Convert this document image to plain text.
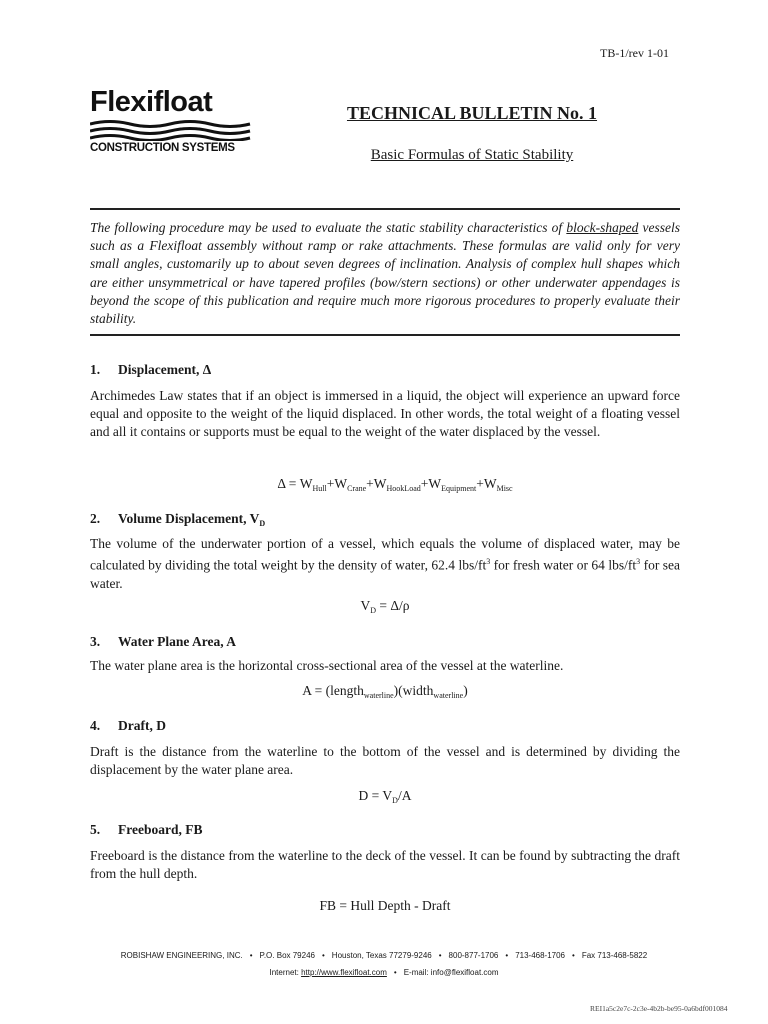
TB-1/rev 1-01
Flexifloat
CONSTRUCTION SYSTEMS
TECHNICAL BULLETIN No. 1
Basic Formulas of Static Stability
The following procedure may be used to evaluate the static stability characteristics of block-shaped vessels such as a Flexifloat assembly without ramp or rake attachments. These formulas are valid only for very small angles, customarily up to about seven degrees of inclination. Analysis of complex hull shapes which are either unsymmetrical or have tapered profiles (bow/stern sections) or other underwater appendages is beyond the scope of this publication and require much more rigorous procedures to properly evaluate their stability.
1. Displacement, Δ
Archimedes Law states that if an object is immersed in a liquid, the object will experience an upward force equal and opposite to the weight of the liquid displaced. In other words, the total weight of a floating vessel and all it contains or supports must be equal to the weight of the water displaced by the vessel.
$\Delta = W_{Hull}+W_{Crane}+W_{HookLoad}+W_{Equipment}+W_{Misc}$
2. Volume Displacement, $V_D$
The volume of the underwater portion of a vessel, which equals the volume of displaced water, may be calculated by dividing the total weight by the density of water, 62.4 lbs/$ft^3$ for fresh water or 64 lbs/$ft^3$ for sea water.
$V_D = \Delta/\rho$
3. Water Plane Area, A
The water plane area is the horizontal cross-sectional area of the vessel at the waterline.
A = (length$_{waterline}$)(width$_{waterline}$)
4. Draft, D
Draft is the distance from the waterline to the bottom of the vessel and is determined by dividing the displacement by the water plane area.
$D = V_D/A$
5. Freeboard, FB
Freeboard is the distance from the waterline to the deck of the vessel. It can be found by subtracting the draft from the hull depth.
FB = Hull Depth - Draft
ROBISHAW ENGINEERING, INC. • P.O. Box 79246 • Houston, Texas 77279-9246 • 800-877-1706 • 713-468-1706 • Fax 713-468-5822
Internet: http://www.flexifloat.com • E-mail: info@flexifloat.com
REI1a5c2e7c-2c3e-4b2b-be95-0a6bdf001084
